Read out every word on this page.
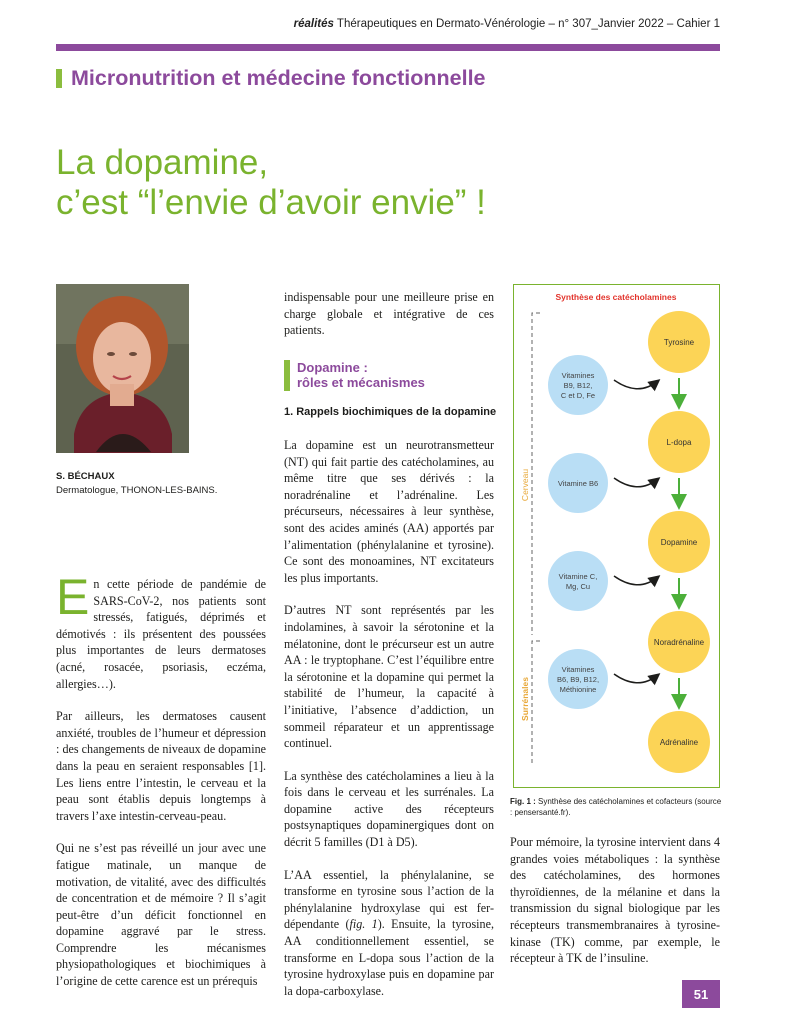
réalités Thérapeutiques en Dermato-Vénérologie – n° 307_Janvier 2022 – Cahier 1
Micronutrition et médecine fonctionnelle
La dopamine,
c’est “l’envie d’avoir envie” !
S. BÉCHAUX
Dermatologue, THONON-LES-BAINS.

En cette période de pandémie de SARS-CoV-2, nos patients sont stressés, fatigués, déprimés et démotivés : ils présentent des poussées plus importantes de leurs dermatoses (acné, rosacée, psoriasis, eczéma, allergies…).

Par ailleurs, les dermatoses causent anxiété, troubles de l’humeur et dépression : des changements de niveaux de dopamine dans la peau en seraient responsables [1]. Les liens entre l’intestin, le cerveau et la peau sont établis depuis longtemps à travers l’axe intestin-cerveau-peau.

Qui ne s’est pas réveillé un jour avec une fatigue matinale, un manque de motivation, de vitalité, avec des difficultés de concentration et de mémoire ? Il s’agit peut-être d’un déficit fonctionnel en dopamine aggravé par le stress. Comprendre les mécanismes physiopathologiques et biochimiques à l’origine de cette carence est un prérequis

indispensable pour une meilleure prise en charge globale et intégrative de ces patients.

Dopamine :
rôles et mécanismes
1. Rappels biochimiques de la dopamine

La dopamine est un neurotransmetteur (NT) qui fait partie des catécholamines, au même titre que ses dérivés : la noradrénaline et l’adrénaline. Les précurseurs, nécessaires à leur synthèse, sont des acides aminés (AA) apportés par l’alimentation (phénylalanine et tyrosine). Ce sont des monoamines, NT excitateurs les plus importants.

D’autres NT sont représentés par les indolamines, à savoir la sérotonine et la mélatonine, dont le précurseur est un autre AA : le tryptophane. C’est l’équilibre entre la sérotonine et la dopamine qui permet la stabilité de l’humeur, la capacité à l’initiative, l’absence d’addiction, un sommeil réparateur et un apprentissage continuel.

La synthèse des catécholamines a lieu à la fois dans le cerveau et les surrénales. La dopamine active des récepteurs postsynaptiques dopaminergiques dont on décrit 5 familles (D1 à D5).

L’AA essentiel, la phénylalanine, se transforme en tyrosine sous l’action de la phénylalanine hydroxylase qui est fer-dépendante (fig. 1). Ensuite, la tyrosine, AA conditionnellement essentiel, se transforme en L-dopa sous l’action de la tyrosine hydroxylase puis en dopamine par la dopa-carboxylase.

Synthèse des catécholamines
Cerveau
Surrénales
Tyrosine
L-dopa
Dopamine
Noradrénaline
Adrénaline
Vitamines
B9, B12,
C et D, Fe
Vitamine B6
Vitamine C,
Mg, Cu
Vitamines
B6, B9, B12,
Méthionine
Fig. 1 : Synthèse des catécholamines et cofacteurs (source : pensersanté.fr).

Pour mémoire, la tyrosine intervient dans 4 grandes voies métaboliques : la synthèse des catécholamines, des hormones thyroïdiennes, de la mélanine et dans la transmission du signal biologique par les récepteurs transmembranaires à tyrosine-kinase (TK) comme, par exemple, le récepteur à TK de l’insuline.

51
